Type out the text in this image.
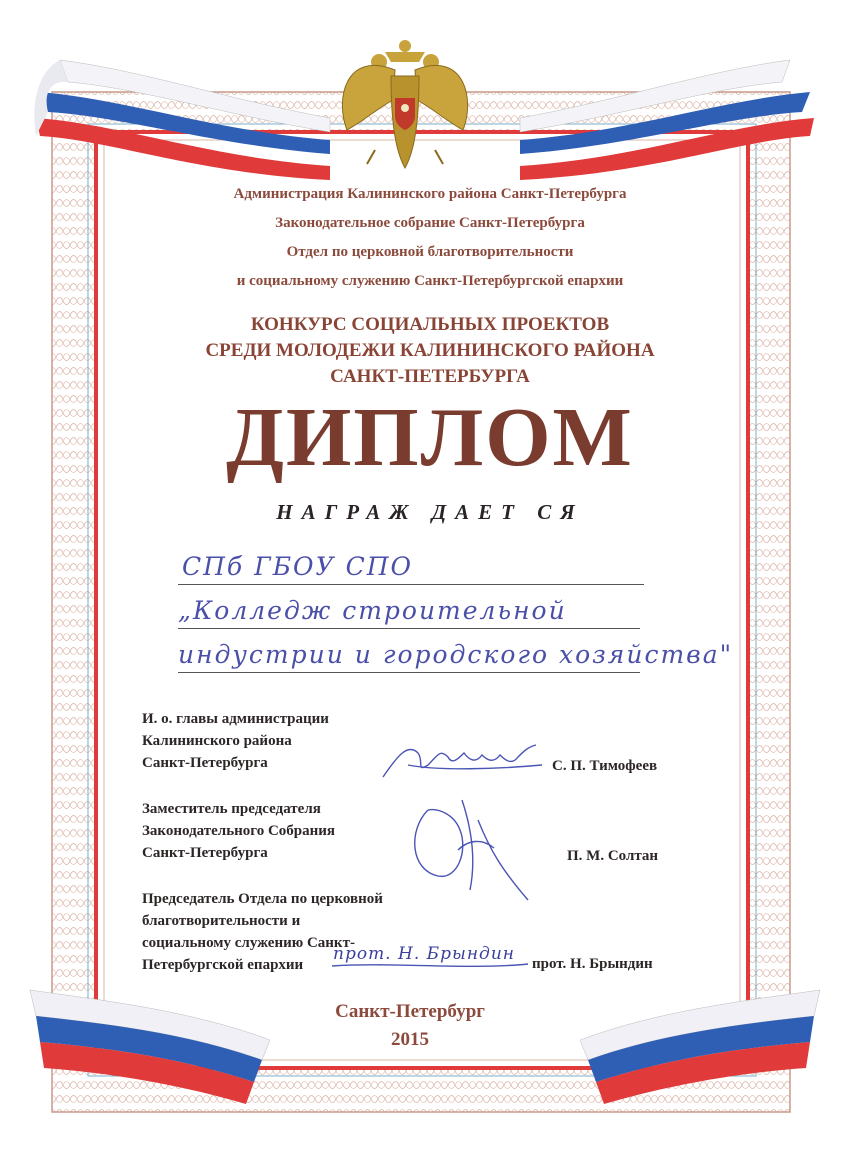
Администрация Калининского района Санкт-Петербурга
Законодательное собрание Санкт-Петербурга
Отдел по церковной благотворительности
и социальному служению Санкт-Петербургской епархии
КОНКУРС СОЦИАЛЬНЫХ ПРОЕКТОВ
СРЕДИ МОЛОДЕЖИ КАЛИНИНСКОГО РАЙОНА
САНКТ-ПЕТЕРБУРГА
ДИПЛОМ
НАГРАЖ ДАЕТ СЯ
СПб ГБОУ СПО
„Колледж строительной
индустрии и городского хозяйства"
И. о. главы администрации
Калининского района
Санкт-Петербурга	С. П. Тимофеев
Заместитель председателя
Законодательного Собрания
Санкт-Петербурга	П. М. Солтан
Председатель Отдела по церковной
благотворительности и
социальному служению Санкт-
Петербургской епархии	прот. Н. Брындин
прот. Н. Брындин
Санкт-Петербург
2015
